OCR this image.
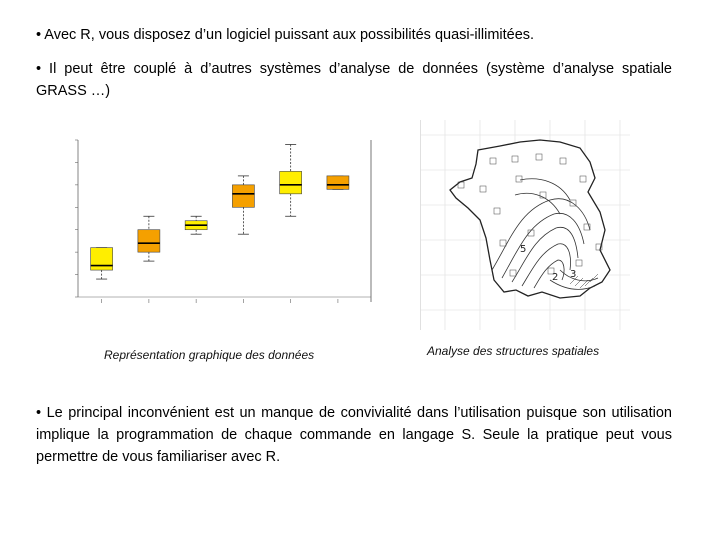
• Avec R, vous disposez d’un logiciel puissant aux possibilités quasi-illimitées.
• Il peut être couplé à d’autres systèmes d’analyse de données (système d’analyse spatiale GRASS …)
5
2 3
Représentation graphique des données	Analyse des structures spatiales
• Le principal inconvénient est un manque de convivialité dans l’utilisation puisque son utilisation implique la programmation de chaque commande en langage S. Seule la pratique peut vous permettre de vous familiariser avec R.
